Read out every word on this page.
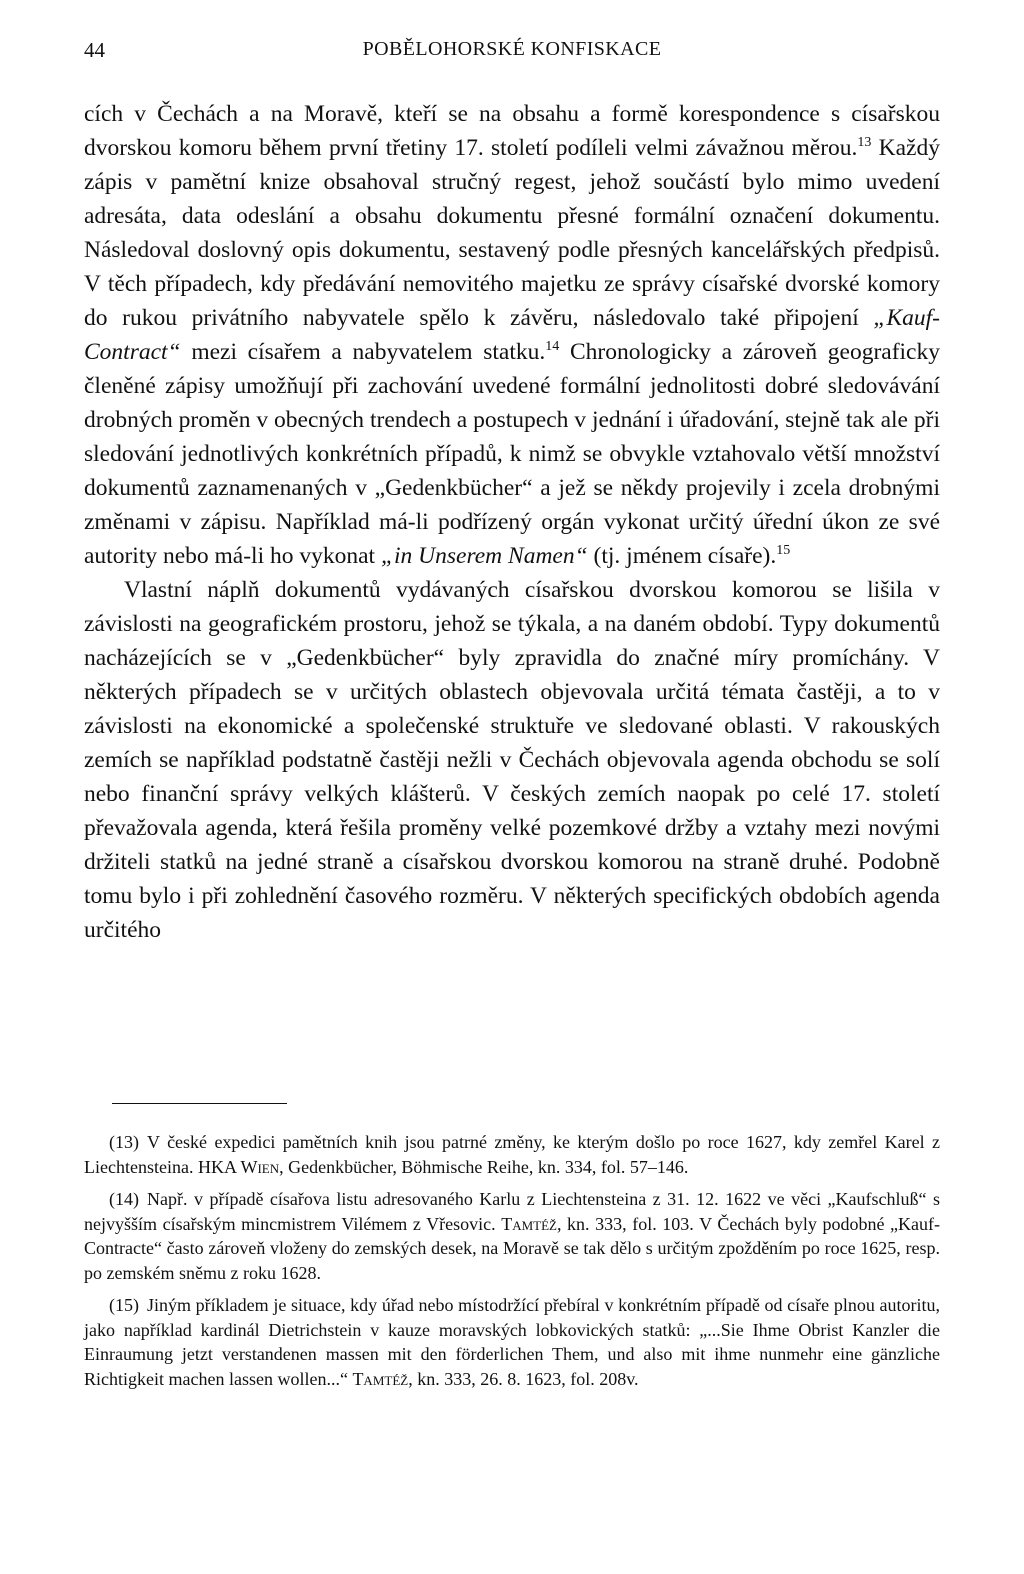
44	POBĚLOHORSKÉ KONFISKACE

cích v Čechách a na Moravě, kteří se na obsahu a formě korespondence s císařskou dvorskou komoru během první třetiny 17. století podíleli velmi závažnou měrou.$^{13}$ Každý zápis v pamětní knize obsahoval stručný regest, jehož součástí bylo mimo uvedení adresáta, data odeslání a obsahu dokumentu přesné formální označení dokumentu. Následoval doslovný opis dokumentu, sestavený podle přesných kancelářských předpisů. V těch případech, kdy předávání nemovitého majetku ze správy císařské dvorské komory do rukou privátního nabyvatele spělo k závěru, následovalo také připojení „Kauf-Contract“ mezi císařem a nabyvatelem statku.$^{14}$ Chronologicky a zároveň geograficky členěné zápisy umožňují při zachování uvedené formální jednolitosti dobré sledovávání drobných proměn v obecných trendech a postupech v jednání i úřadování, stejně tak ale při sledování jednotlivých konkrétních případů, k nimž se obvykle vztahovalo větší množství dokumentů zaznamenaných v „Gedenkbücher“ a jež se někdy projevily i zcela drobnými změnami v zápisu. Například má-li podřízený orgán vykonat určitý úřední úkon ze své autority nebo má-li ho vykonat „in Unserem Namen“ (tj. jménem císaře).$^{15}$

Vlastní náplň dokumentů vydávaných císařskou dvorskou komorou se lišila v závislosti na geografickém prostoru, jehož se týkala, a na daném období. Typy dokumentů nacházejících se v „Gedenkbücher“ byly zpravidla do značné míry promíchány. V některých případech se v určitých oblastech objevovala určitá témata častěji, a to v závislosti na ekonomické a společenské struktuře ve sledované oblasti. V rakouských zemích se například podstatně častěji nežli v Čechách objevovala agenda obchodu se solí nebo finanční správy velkých klášterů. V českých zemích naopak po celé 17. století převažovala agenda, která řešila proměny velké pozemkové držby a vztahy mezi novými držiteli statků na jedné straně a císařskou dvorskou komorou na straně druhé. Podobně tomu bylo i při zohlednění časového rozměru. V některých specifických obdobích agenda určitého

(13) V české expedici pamětních knih jsou patrné změny, ke kterým došlo po roce 1627, kdy zemřel Karel z Liechtensteina. HKA Wien, Gedenkbücher, Böhmische Reihe, kn. 334, fol. 57–146.

(14) Např. v případě císařova listu adresovaného Karlu z Liechtensteina z 31. 12. 1622 ve věci „Kaufschluß“ s nejvyšším císařským mincmistrem Vilémem z Vřesovic. Tamtéž, kn. 333, fol. 103. V Čechách byly podobné „Kauf-Contracte“ často zároveň vloženy do zemských desek, na Moravě se tak dělo s určitým zpožděním po roce 1625, resp. po zemském sněmu z roku 1628.

(15) Jiným příkladem je situace, kdy úřad nebo místodržící přebíral v konkrétním případě od císaře plnou autoritu, jako například kardinál Dietrichstein v kauze moravských lobkovických statků: „...Sie Ihme Obrist Kanzler die Einraumung jetzt verstandenen massen mit den förderlichen Them, und also mit ihme nunmehr eine gänzliche Richtigkeit machen lassen wollen...“ Tamtéž, kn. 333, 26. 8. 1623, fol. 208v.
